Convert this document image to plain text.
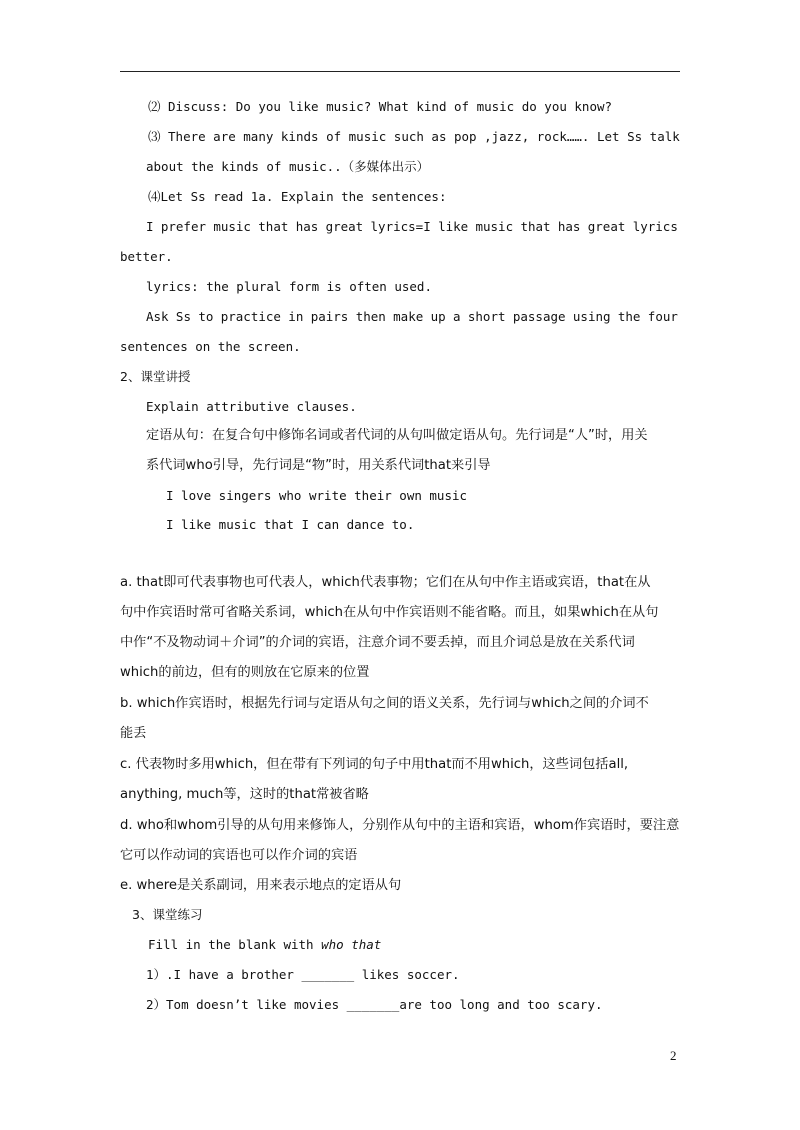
⑵ Discuss: Do you like music? What kind of music do you know?
⑶ There are many kinds of music such as pop ,jazz, rock……. Let Ss talk
about the kinds of music..（多媒体出示）
⑷Let Ss read 1a. Explain the sentences:
I prefer music that has great lyrics=I like music that has great lyrics
better.
lyrics: the plural form is often used.
Ask Ss to practice in pairs then make up a short passage using the four
sentences on the screen.
2、课堂讲授
Explain attributive clauses.
定语从句：在复合句中修饰名词或者代词的从句叫做定语从句。先行词是“人”时，用关
系代词who引导，先行词是“物”时，用关系代词that来引导
I love singers who write their own music
I like music that I can dance to.
a. that即可代表事物也可代表人，which代表事物；它们在从句中作主语或宾语，that在从
句中作宾语时常可省略关系词，which在从句中作宾语则不能省略。而且，如果which在从句
中作“不及物动词＋介词”的介词的宾语，注意介词不要丢掉，而且介词总是放在关系代词
which的前边，但有的则放在它原来的位置
b. which作宾语时，根据先行词与定语从句之间的语义关系，先行词与which之间的介词不
能丢
c. 代表物时多用which，但在带有下列词的句子中用that而不用which，这些词包括all,
anything, much等，这时的that常被省略
d. who和whom引导的从句用来修饰人，分别作从句中的主语和宾语，whom作宾语时，要注意
它可以作动词的宾语也可以作介词的宾语
e. where是关系副词，用来表示地点的定语从句
3、课堂练习
Fill in the blank with who that
1）.I have a brother _______ likes soccer.
2）Tom doesn’t like movies _______are too long and too scary.
2
